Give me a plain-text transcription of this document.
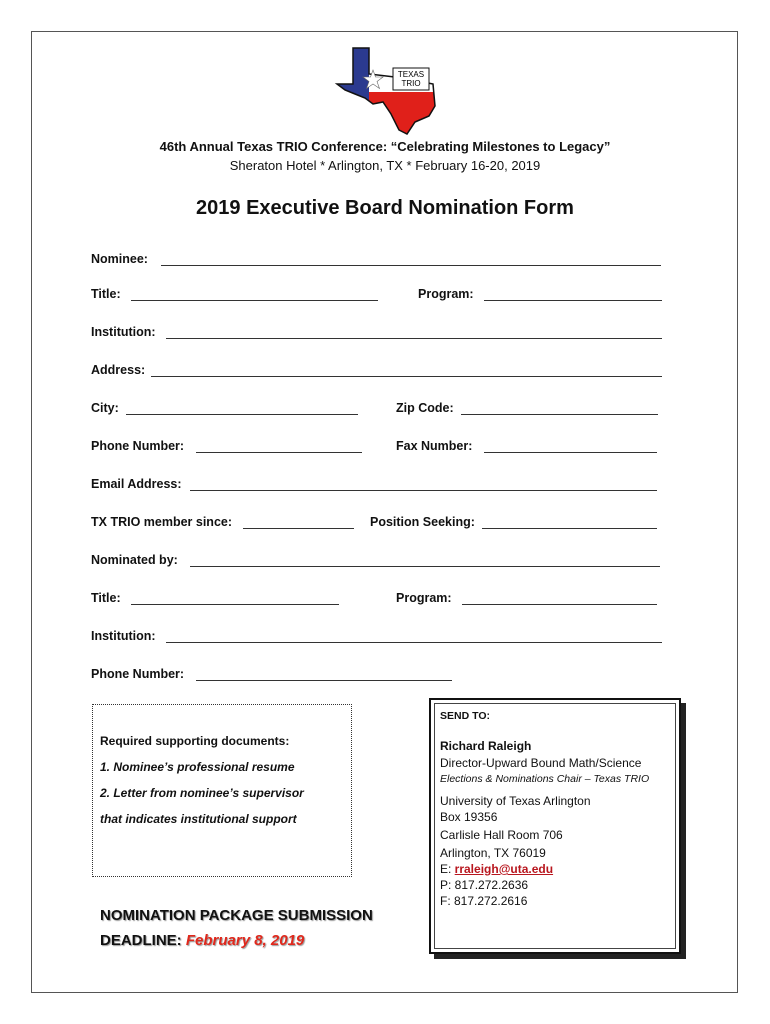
TEXAS
TRIO
46th Annual Texas TRIO Conference: “Celebrating Milestones to Legacy”
Sheraton Hotel * Arlington, TX * February 16-20, 2019
2019 Executive Board Nomination Form
Nominee:
Title:	Program:
Institution:
Address:
City:	Zip Code:
Phone Number:	Fax Number:
Email Address:
TX TRIO member since:	Position Seeking:
Nominated by:
Title:	Program:
Institution:
Phone Number:
Required supporting documents:
1. Nominee’s professional resume
2. Letter from nominee’s supervisor
that indicates institutional support
NOMINATION PACKAGE SUBMISSION
DEADLINE: February 8, 2019
SEND TO:
Richard Raleigh
Director-Upward Bound Math/Science
Elections & Nominations Chair – Texas TRIO
University of Texas Arlington
Box 19356
Carlisle Hall Room 706
Arlington, TX 76019
E: rraleigh@uta.edu
P: 817.272.2636
F: 817.272.2616
